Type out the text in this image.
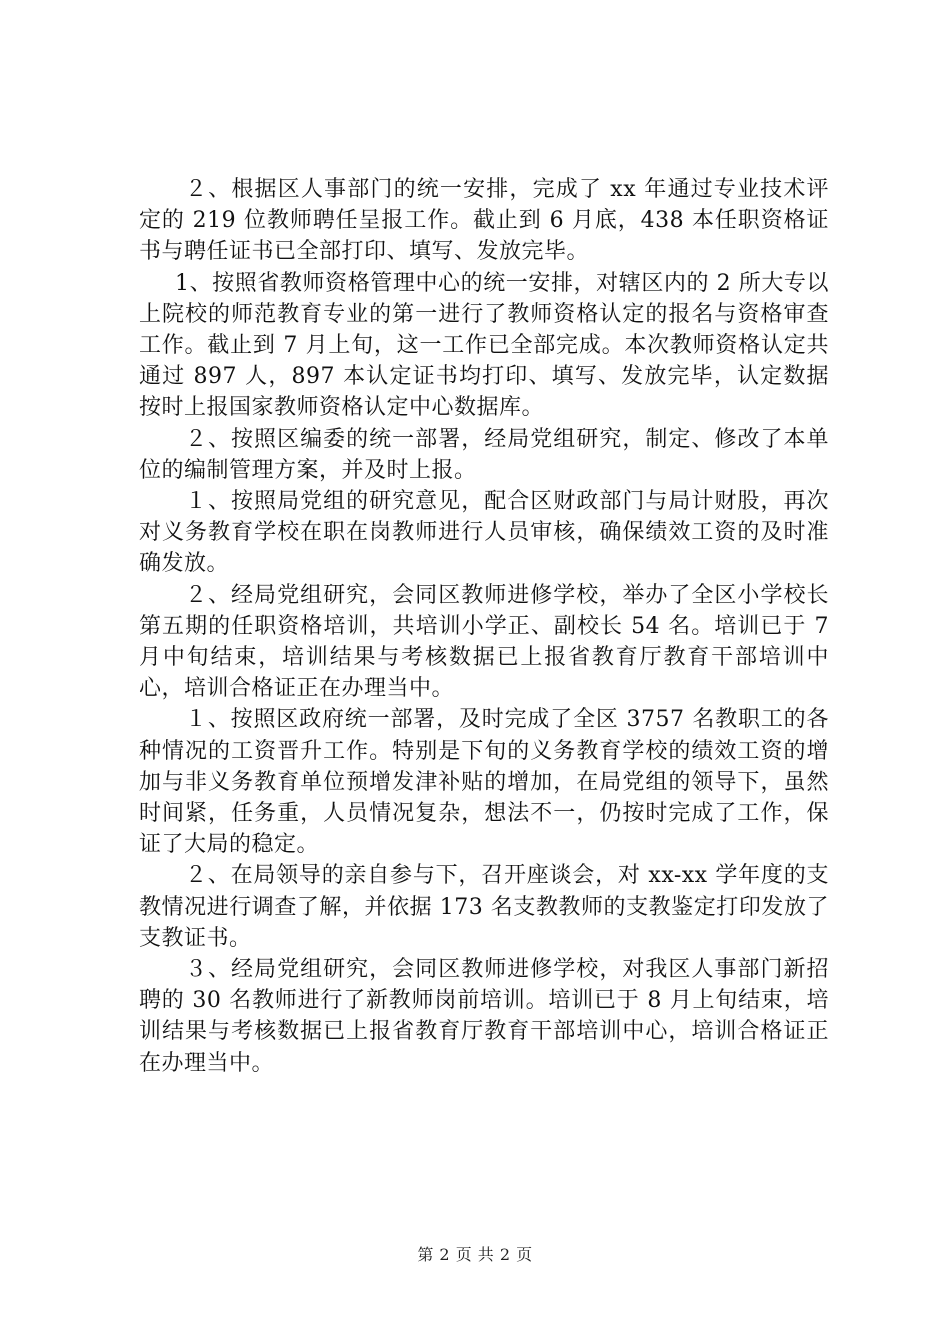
２、根据区人事部门的统一安排，完成了 xx 年通过专业技术评定的 219 位教师聘任呈报工作。截止到 6 月底，438 本任职资格证书与聘任证书已全部打印、填写、发放完毕。

1、按照省教师资格管理中心的统一安排，对辖区内的 2 所大专以上院校的师范教育专业的第一进行了教师资格认定的报名与资格审查工作。截止到 7 月上旬，这一工作已全部完成。本次教师资格认定共通过 897 人，897 本认定证书均打印、填写、发放完毕，认定数据按时上报国家教师资格认定中心数据库。

２、按照区编委的统一部署，经局党组研究，制定、修改了本单位的编制管理方案，并及时上报。

１、按照局党组的研究意见，配合区财政部门与局计财股，再次对义务教育学校在职在岗教师进行人员审核，确保绩效工资的及时准确发放。

２、经局党组研究，会同区教师进修学校，举办了全区小学校长第五期的任职资格培训，共培训小学正、副校长 54 名。培训已于 7 月中旬结束，培训结果与考核数据已上报省教育厅教育干部培训中心，培训合格证正在办理当中。

１、按照区政府统一部署，及时完成了全区 3757 名教职工的各种情况的工资晋升工作。特别是下旬的义务教育学校的绩效工资的增加与非义务教育单位预增发津补贴的增加，在局党组的领导下，虽然时间紧，任务重，人员情况复杂，想法不一，仍按时完成了工作，保证了大局的稳定。

２、在局领导的亲自参与下，召开座谈会，对 xx-xx 学年度的支教情况进行调查了解，并依据 173 名支教教师的支教鉴定打印发放了支教证书。

３、经局党组研究，会同区教师进修学校，对我区人事部门新招聘的 30 名教师进行了新教师岗前培训。培训已于 8 月上旬结束，培训结果与考核数据已上报省教育厅教育干部培训中心，培训合格证正在办理当中。

第 2 页 共 2 页
